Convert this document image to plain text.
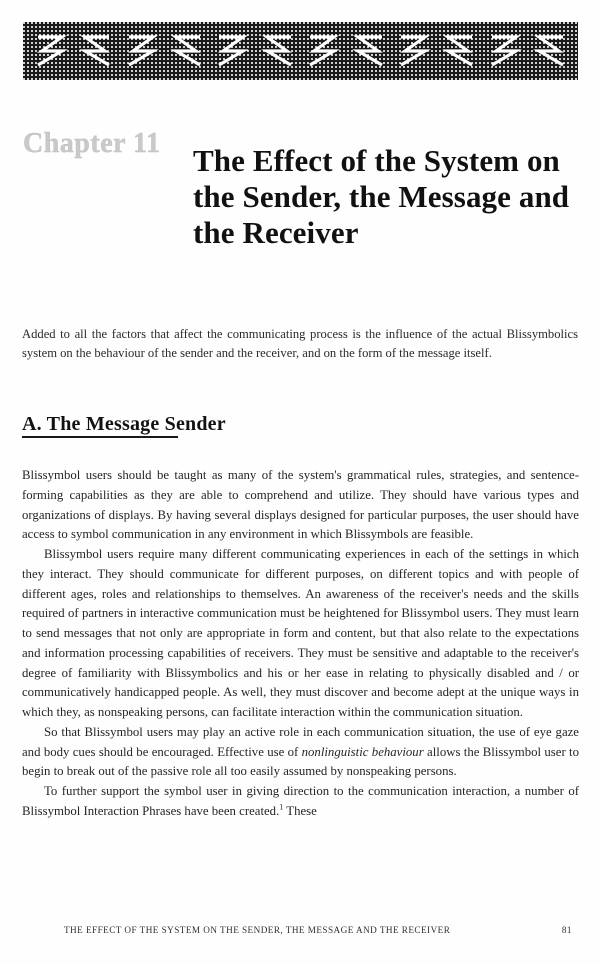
Chapter 11	The Effect of the System on the Sender, the Message and the Receiver

Added to all the factors that affect the communicating process is the influence of the actual Blissymbolics system on the behaviour of the sender and the receiver, and on the form of the message itself.

A. The Message Sender

Blissymbol users should be taught as many of the system's grammatical rules, strategies, and sentence-forming capabilities as they are able to comprehend and utilize. They should have various types and organizations of displays. By having several displays designed for particular purposes, the user should have access to symbol communication in any environment in which Blissymbols are feasible.

Blissymbol users require many different communicating experiences in each of the settings in which they interact. They should communicate for different purposes, on different topics and with people of different ages, roles and relationships to themselves. An awareness of the receiver's needs and the skills required of partners in interactive communication must be heightened for Blissymbol users. They must learn to send messages that not only are appropriate in form and content, but that also relate to the expectations and information processing capabilities of receivers. They must be sensitive and adaptable to the receiver's degree of familiarity with Blissymbolics and his or her ease in relating to physically disabled and / or communicatively handicapped people. As well, they must discover and become adept at the unique ways in which they, as nonspeaking persons, can facilitate interaction within the communication situation.

So that Blissymbol users may play an active role in each communication situation, the use of eye gaze and body cues should be encouraged. Effective use of nonlinguistic behaviour allows the Blissymbol user to begin to break out of the passive role all too easily assumed by nonspeaking persons.

To further support the symbol user in giving direction to the communication interaction, a number of Blissymbol Interaction Phrases have been created.$^1$ These

THE EFFECT OF THE SYSTEM ON THE SENDER, THE MESSAGE AND THE RECEIVER	81
